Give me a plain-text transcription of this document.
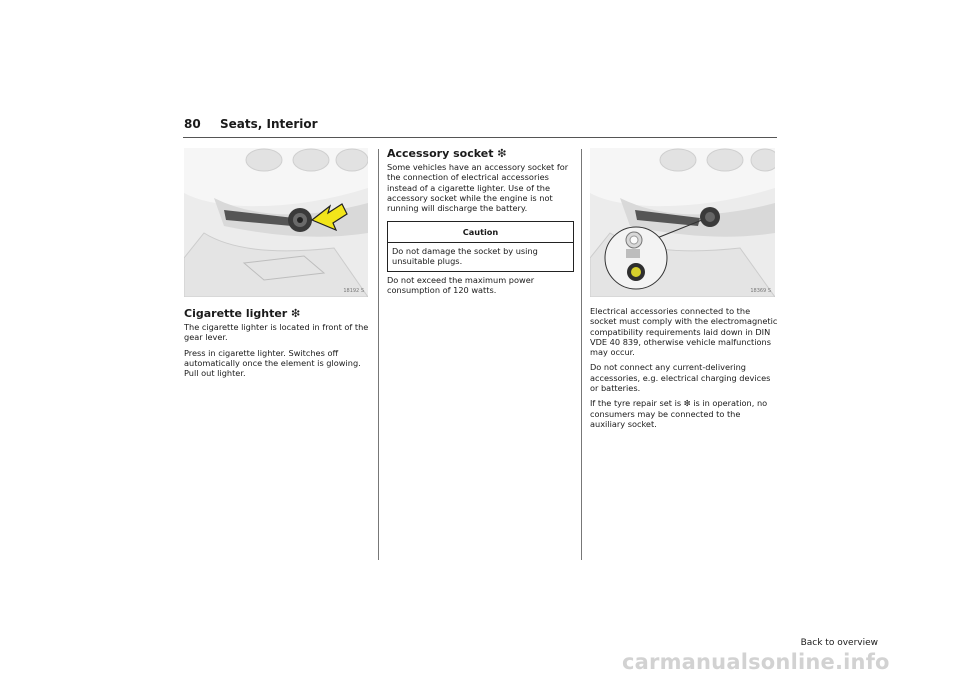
80 Seats, Interior
18192 S
Cigarette lighter ❇

The cigarette lighter is located in front of the gear lever.

Press in cigarette lighter. Switches off automatically once the element is glowing. Pull out lighter.

Accessory socket ❇
Some vehicles have an accessory socket for the connection of electrical accessories instead of a cigarette lighter. Use of the accessory socket while the engine is not running will discharge the battery.
Caution
Do not damage the socket by using unsuitable plugs.
Do not exceed the maximum power consumption of 120 watts.	18369 S

Electrical accessories connected to the socket must comply with the electromagnetic compatibility requirements laid down in DIN VDE 40 839, otherwise vehicle malfunctions may occur.

Do not connect any current-delivering accessories, e.g. electrical charging devices or batteries.

If the tyre repair set is ❇ is in operation, no consumers may be connected to the auxiliary socket.

Back to overview
carmanualsonline.info
